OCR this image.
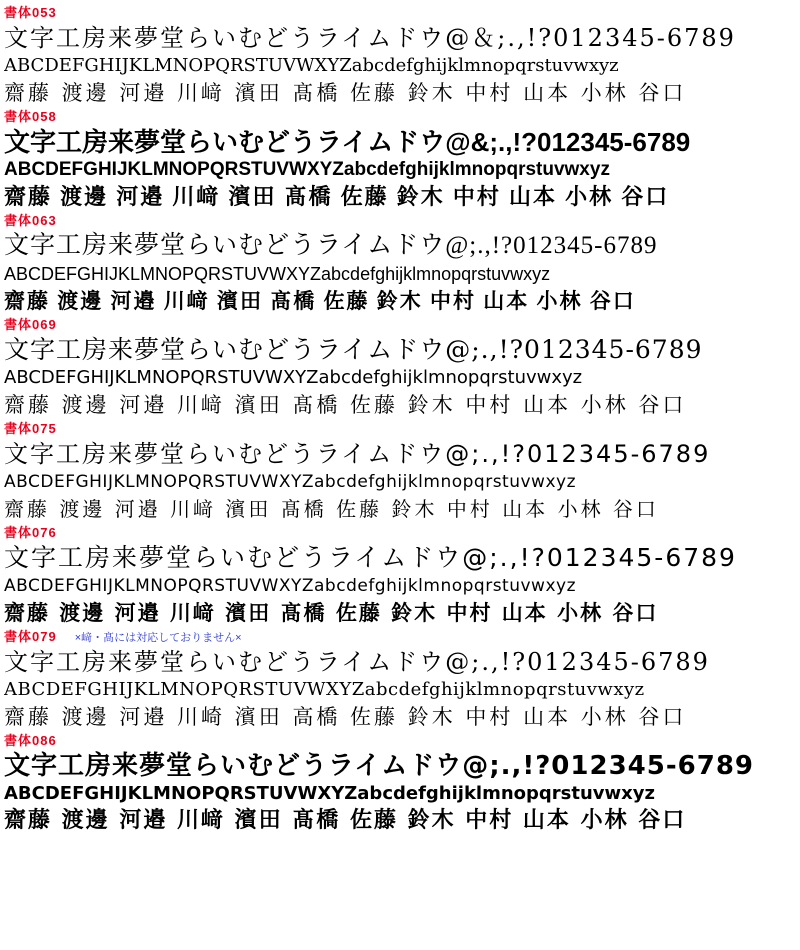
書体053
文字工房来夢堂らいむどうライムドウ@＆;.,!?012345-6789
ABCDEFGHIJKLMNOPQRSTUVWXYZabcdefghijklmnopqrstuvwxyz
齋藤 渡邊 河邉 川﨑 濱田 髙橋 佐藤 鈴木 中村 山本 小林 谷口
書体058
文字工房来夢堂らいむどうライムドウ@&;.,!?012345-6789
ABCDEFGHIJKLMNOPQRSTUVWXYZabcdefghijklmnopqrstuvwxyz
齋藤 渡邊 河邉 川﨑 濱田 髙橋 佐藤 鈴木 中村 山本 小林 谷口
書体063
文字工房来夢堂らいむどうライムドウ@;.,!?012345-6789
ABCDEFGHIJKLMNOPQRSTUVWXYZabcdefghijklmnopqrstuvwxyz
齋藤 渡邊 河邉 川﨑 濱田 髙橋 佐藤 鈴木 中村 山本 小林 谷口
書体069
文字工房来夢堂らいむどうライムドウ@;.,!?012345-6789
ABCDEFGHIJKLMNOPQRSTUVWXYZabcdefghijklmnopqrstuvwxyz
齋藤 渡邊 河邉 川﨑 濱田 髙橋 佐藤 鈴木 中村 山本 小林 谷口
書体075
文字工房来夢堂らいむどうライムドウ@;.,!?012345-6789
ABCDEFGHIJKLMNOPQRSTUVWXYZabcdefghijklmnopqrstuvwxyz
齋藤 渡邊 河邉 川﨑 濱田 髙橋 佐藤 鈴木 中村 山本 小林 谷口
書体076
文字工房来夢堂らいむどうライムドウ@;.,!?012345-6789
ABCDEFGHIJKLMNOPQRSTUVWXYZabcdefghijklmnopqrstuvwxyz
齋藤 渡邊 河邉 川﨑 濱田 髙橋 佐藤 鈴木 中村 山本 小林 谷口
書体079 ×﨑・髙には対応しておりません×
文字工房来夢堂らいむどうライムドウ@;.,!?012345-6789
ABCDEFGHIJKLMNOPQRSTUVWXYZabcdefghijklmnopqrstuvwxyz
齋藤 渡邊 河邉 川崎 濱田 高橋 佐藤 鈴木 中村 山本 小林 谷口
書体086
文字工房来夢堂らいむどうライムドウ@;.,!?012345-6789
ABCDEFGHIJKLMNOPQRSTUVWXYZabcdefghijklmnopqrstuvwxyz
齋藤 渡邊 河邉 川﨑 濱田 髙橋 佐藤 鈴木 中村 山本 小林 谷口
